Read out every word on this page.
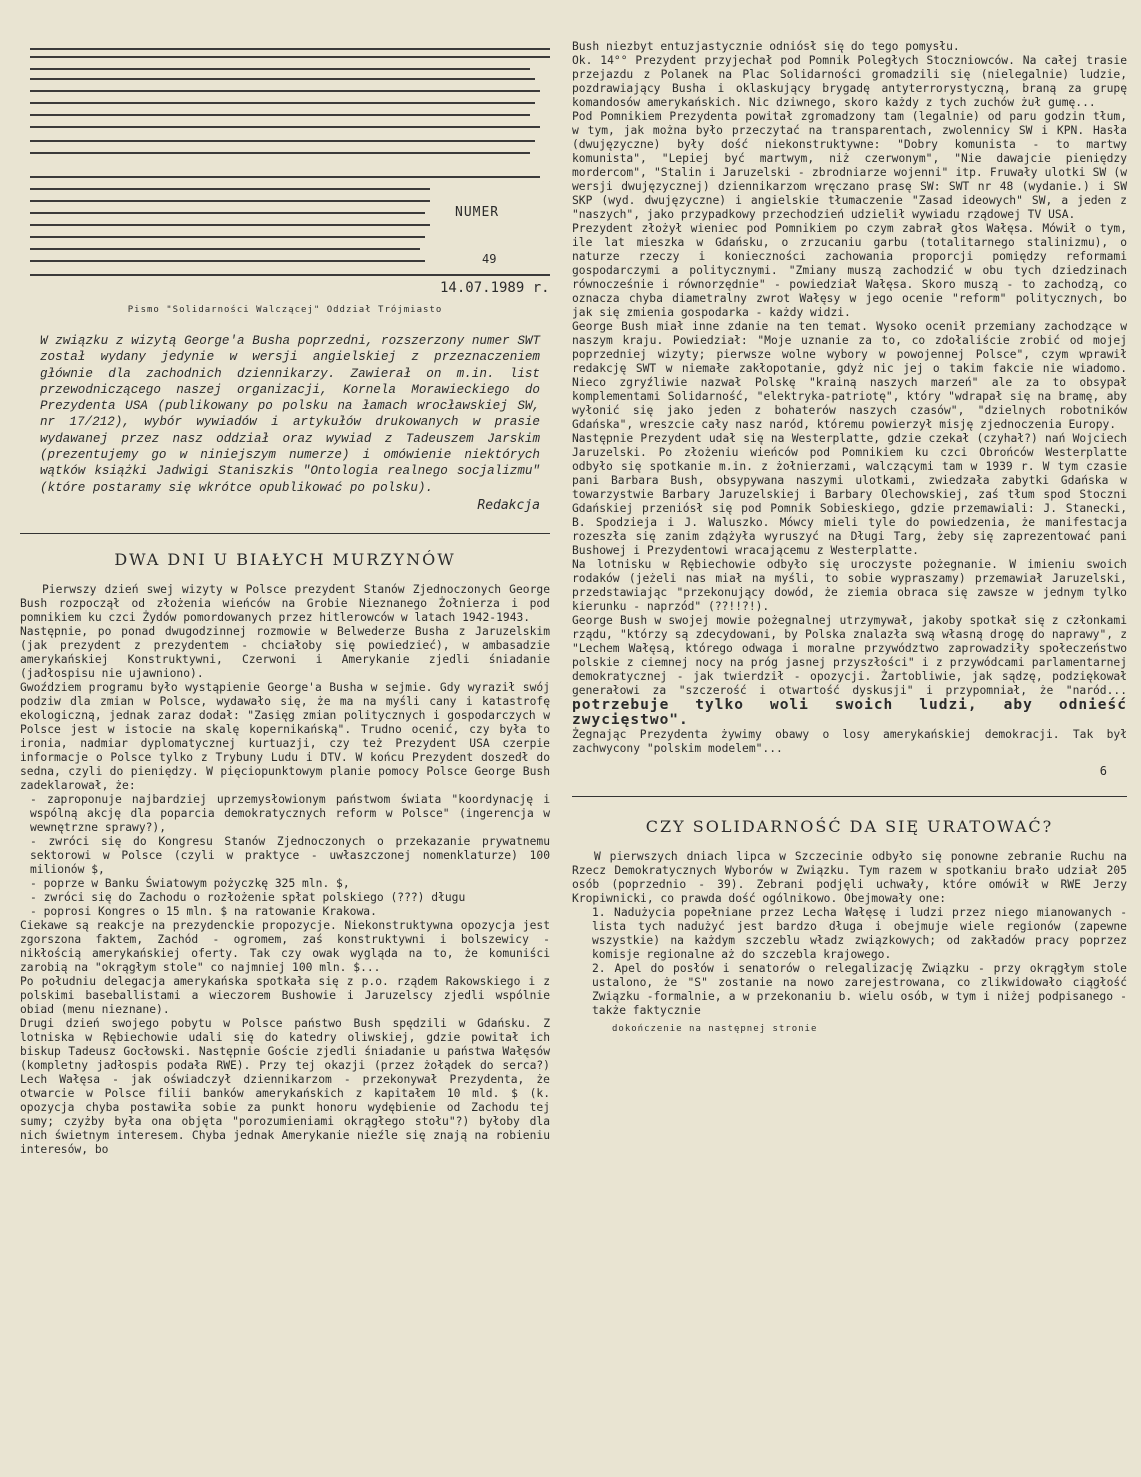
NUMER
49
14.07.1989 r.
Pismo "Solidarności Walczącej" Oddział Trójmiasto
W związku z wizytą George'a Busha poprzedni, rozszerzony numer SWT został wydany jedynie w wersji angielskiej z przeznaczeniem głównie dla zachodnich dziennikarzy. Zawierał on m.in. list przewodniczącego naszej organizacji, Kornela Morawieckiego do Prezydenta USA (publikowany po polsku na łamach wrocławskiej SW, nr 17/212), wybór wywiadów i artykułów drukowanych w prasie wydawanej przez nasz oddział oraz wywiad z Tadeuszem Jarskim (prezentujemy go w niniejszym numerze) i omówienie niektórych wątków książki Jadwigi Staniszkis "Ontologia realnego socjalizmu" (które postaramy się wkrótce opublikować po polsku).
Redakcja
DWA DNI U BIAŁYCH MURZYNÓW

Pierwszy dzień swej wizyty w Polsce prezydent Stanów Zjednoczonych George Bush rozpoczął od złożenia wieńców na Grobie Nieznanego Żołnierza i pod pomnikiem ku czci Żydów pomordowanych przez hitlerowców w latach 1942-1943.

Następnie, po ponad dwugodzinnej rozmowie w Belwederze Busha z Jaruzelskim (jak prezydent z prezydentem - chciałoby się powiedzieć), w ambasadzie amerykańskiej Konstruktywni, Czerwoni i Amerykanie zjedli śniadanie (jadłospisu nie ujawniono).

Gwoździem programu było wystąpienie George'a Busha w sejmie. Gdy wyraził swój podziw dla zmian w Polsce, wydawało się, że ma na myśli cany i katastrofę ekologiczną, jednak zaraz dodał: "Zasięg zmian politycznych i gospodarczych w Polsce jest w istocie na skalę kopernikańską". Trudno ocenić, czy była to ironia, nadmiar dyplomatycznej kurtuazji, czy też Prezydent USA czerpie informacje o Polsce tylko z Trybuny Ludu i DTV. W końcu Prezydent doszedł do sedna, czyli do pieniędzy. W pięciopunktowym planie pomocy Polsce George Bush zadeklarował, że:

- zaproponuje najbardziej uprzemysłowionym państwom świata "koordynację i wspólną akcję dla poparcia demokratycznych reform w Polsce" (ingerencja w wewnętrzne sprawy?),

- zwróci się do Kongresu Stanów Zjednoczonych o przekazanie prywatnemu sektorowi w Polsce (czyli w praktyce - uwłaszczonej nomenklaturze) 100 milionów $,

- poprze w Banku Światowym pożyczkę 325 mln. $,

- zwróci się do Zachodu o rozłożenie spłat polskiego (???) długu

- poprosi Kongres o 15 mln. $ na ratowanie Krakowa.

Ciekawe są reakcje na prezydenckie propozycje. Niekonstruktywna opozycja jest zgorszona faktem, Zachód - ogromem, zaś konstruktywni i bolszewicy - nikłością amerykańskiej oferty. Tak czy owak wygląda na to, że komuniści zarobią na "okrągłym stole" co najmniej 100 mln. $...

Po południu delegacja amerykańska spotkała się z p.o. rządem Rakowskiego i z polskimi baseballistami a wieczorem Bushowie i Jaruzelscy zjedli wspólnie obiad (menu nieznane).

Drugi dzień swojego pobytu w Polsce państwo Bush spędzili w Gdańsku. Z lotniska w Rębiechowie udali się do katedry oliwskiej, gdzie powitał ich biskup Tadeusz Gocłowski. Następnie Goście zjedli śniadanie u państwa Wałęsów (kompletny jadłospis podała RWE). Przy tej okazji (przez żołądek do serca?) Lech Wałęsa - jak oświadczył dziennikarzom - przekonywał Prezydenta, że otwarcie w Polsce filii banków amerykańskich z kapitałem 10 mld. $ (k. opozycja chyba postawiła sobie za punkt honoru wydębienie od Zachodu tej sumy; czyżby była ona objęta "porozumieniami okrągłego stołu"?) byłoby dla nich świetnym interesem. Chyba jednak Amerykanie nieźle się znają na robieniu interesów, bo

Bush niezbyt entuzjastycznie odniósł się do tego pomysłu.

Ok. 14°° Prezydent przyjechał pod Pomnik Poległych Stoczniowców. Na całej trasie przejazdu z Polanek na Plac Solidarności gromadzili się (nielegalnie) ludzie, pozdrawiający Busha i oklaskujący brygadę antyterrorystyczną, braną za grupę komandosów amerykańskich. Nic dziwnego, skoro każdy z tych zuchów żuł gumę...

Pod Pomnikiem Prezydenta powitał zgromadzony tam (legalnie) od paru godzin tłum, w tym, jak można było przeczytać na transparentach, zwolennicy SW i KPN. Hasła (dwujęzyczne) były dość niekonstruktywne: "Dobry komunista - to martwy komunista", "Lepiej być martwym, niż czerwonym", "Nie dawajcie pieniędzy mordercom", "Stalin i Jaruzelski - zbrodniarze wojenni" itp. Fruwały ulotki SW (w wersji dwujęzycznej) dziennikarzom wręczano prasę SW: SWT nr 48 (wydanie.) i SW SKP (wyd. dwujęzyczne) i angielskie tłumaczenie "Zasad ideowych" SW, a jeden z "naszych", jako przypadkowy przechodzień udzielił wywiadu rządowej TV USA.

Prezydent złożył wieniec pod Pomnikiem po czym zabrał głos Wałęsa. Mówił o tym, ile lat mieszka w Gdańsku, o zrzucaniu garbu (totalitarnego stalinizmu), o naturze rzeczy i konieczności zachowania proporcji pomiędzy reformami gospodarczymi a politycznymi. "Zmiany muszą zachodzić w obu tych dziedzinach równocześnie i równorzędnie" - powiedział Wałęsa. Skoro muszą - to zachodzą, co oznacza chyba diametralny zwrot Wałęsy w jego ocenie "reform" politycznych, bo jak się zmienia gospodarka - każdy widzi.

George Bush miał inne zdanie na ten temat. Wysoko ocenił przemiany zachodzące w naszym kraju. Powiedział: "Moje uznanie za to, co zdołaliście zrobić od mojej poprzedniej wizyty; pierwsze wolne wybory w powojennej Polsce", czym wprawił redakcję SWT w niemałe zakłopotanie, gdyż nic jej o takim fakcie nie wiadomo. Nieco zgryźliwie nazwał Polskę "krainą naszych marzeń" ale za to obsypał komplementami Solidarność, "elektryka-patriotę", który "wdrapał się na bramę, aby wyłonić się jako jeden z bohaterów naszych czasów", "dzielnych robotników Gdańska", wreszcie cały nasz naród, któremu powierzył misję zjednoczenia Europy.

Następnie Prezydent udał się na Westerplatte, gdzie czekał (czyhał?) nań Wojciech Jaruzelski. Po złożeniu wieńców pod Pomnikiem ku czci Obrońców Westerplatte odbyło się spotkanie m.in. z żołnierzami, walczącymi tam w 1939 r. W tym czasie pani Barbara Bush, obsypywana naszymi ulotkami, zwiedzała zabytki Gdańska w towarzystwie Barbary Jaruzelskiej i Barbary Olechowskiej, zaś tłum spod Stoczni Gdańskiej przeniósł się pod Pomnik Sobieskiego, gdzie przemawiali: J. Stanecki, B. Spodzieja i J. Waluszko. Mówcy mieli tyle do powiedzenia, że manifestacja rozeszła się zanim zdążyła wyruszyć na Długi Targ, żeby się zaprezentować pani Bushowej i Prezydentowi wracającemu z Westerplatte.

Na lotnisku w Rębiechowie odbyło się uroczyste pożegnanie. W imieniu swoich rodaków (jeżeli nas miał na myśli, to sobie wypraszamy) przemawiał Jaruzelski, przedstawiając "przekonujący dowód, że ziemia obraca się zawsze w jednym tylko kierunku - naprzód" (??!!?!).

George Bush w swojej mowie pożegnalnej utrzymywał, jakoby spotkał się z członkami rządu, "którzy są zdecydowani, by Polska znalazła swą własną drogę do naprawy", z "Lechem Wałęsą, którego odwaga i moralne przywództwo zaprowadziły społeczeństwo polskie z ciemnej nocy na próg jasnej przyszłości" i z przywódcami parlamentarnej demokratycznej - jak twierdził - opozycji. Żartobliwie, jak sądzę, podziękował generałowi za "szczerość i otwartość dyskusji" i przypomniał, że "naród... potrzebuje tylko woli swoich ludzi, aby odnieść zwycięstwo".

Żegnając Prezydenta żywimy obawy o losy amerykańskiej demokracji. Tak był zachwycony "polskim modelem"...

6
CZY SOLIDARNOŚĆ DA SIĘ URATOWAĆ?

W pierwszych dniach lipca w Szczecinie odbyło się ponowne zebranie Ruchu na Rzecz Demokratycznych Wyborów w Związku. Tym razem w spotkaniu brało udział 205 osób (poprzednio - 39). Zebrani podjęli uchwały, które omówił w RWE Jerzy Kropiwnicki, co prawda dość ogólnikowo. Obejmowały one:

1. Nadużycia popełniane przez Lecha Wałęsę i ludzi przez niego mianowanych - lista tych nadużyć jest bardzo długa i obejmuje wiele regionów (zapewne wszystkie) na każdym szczeblu władz związkowych; od zakładów pracy poprzez komisje regionalne aż do szczebla krajowego.

2. Apel do posłów i senatorów o relegalizację Związku - przy okrągłym stole ustalono, że "S" zostanie na nowo zarejestrowana, co zlikwidowało ciągłość Związku -formalnie, a w przekonaniu b. wielu osób, w tym i niżej podpisanego -także faktycznie

dokończenie na następnej stronie
